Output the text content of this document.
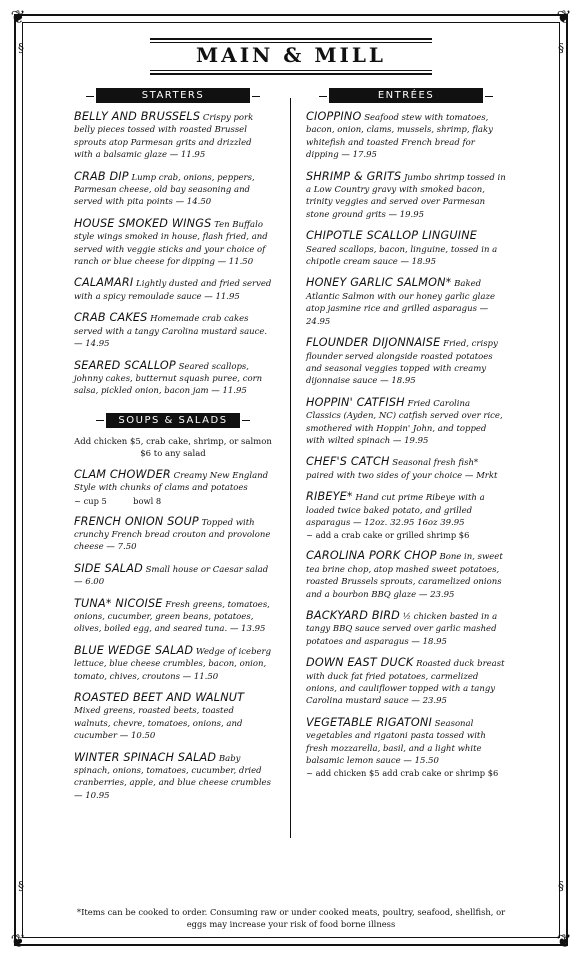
❦	❦
❦	❦
§	§
§	§
MAIN & MILL
STARTERS
BELLY AND BRUSSELS Crispy pork belly pieces tossed with roasted Brussel sprouts atop Parmesan grits and drizzled with a balsamic glaze — 11.95
CRAB DIP Lump crab, onions, peppers, Parmesan cheese, old bay seasoning and served with pita points — 14.50
HOUSE SMOKED WINGS Ten Buffalo style wings smoked in house, flash fried, and served with veggie sticks and your choice of ranch or blue cheese for dipping — 11.50
CALAMARI Lightly dusted and fried served with a spicy remoulade sauce — 11.95
CRAB CAKES Homemade crab cakes served with a tangy Carolina mustard sauce. — 14.95
SEARED SCALLOP Seared scallops, johnny cakes, butternut squash puree, corn salsa, pickled onion, bacon jam — 11.95
SOUPS & SALADS
Add chicken $5, crab cake, shrimp, or salmon $6 to any salad
CLAM CHOWDER Creamy New England Style with chunks of clams and potatoes
~ cup 5          bowl 8
FRENCH ONION SOUP Topped with crunchy French bread crouton and provolone cheese — 7.50
SIDE SALAD Small house or Caesar salad — 6.00
TUNA* NICOISE Fresh greens, tomatoes, onions, cucumber, green beans, potatoes, olives, boiled egg, and seared tuna. — 13.95
BLUE WEDGE SALAD Wedge of iceberg lettuce, blue cheese crumbles, bacon, onion, tomato, chives, croutons — 11.50
ROASTED BEET AND WALNUT Mixed greens, roasted beets, toasted walnuts, chevre, tomatoes, onions, and cucumber — 10.50
WINTER SPINACH SALAD Baby spinach, onions, tomatoes, cucumber, dried cranberries, apple, and blue cheese crumbles — 10.95
ENTRÉES
CIOPPINO Seafood stew with tomatoes, bacon, onion, clams, mussels, shrimp, flaky whitefish and toasted French bread for dipping — 17.95
SHRIMP & GRITS Jumbo shrimp tossed in a Low Country gravy with smoked bacon, trinity veggies and served over Parmesan stone ground grits — 19.95
CHIPOTLE SCALLOP LINGUINE Seared scallops, bacon, linguine, tossed in a chipotle cream sauce — 18.95
HONEY GARLIC SALMON* Baked Atlantic Salmon with our honey garlic glaze atop jasmine rice and grilled asparagus — 24.95
FLOUNDER DIJONNAISE Fried, crispy flounder served alongside roasted potatoes and seasonal veggies topped with creamy dijonnaise sauce — 18.95
HOPPIN' CATFISH Fried Carolina Classics (Ayden, NC) catfish served over rice, smothered with Hoppin' John, and topped with wilted spinach — 19.95
CHEF'S CATCH Seasonal fresh fish* paired with two sides of your choice — Mrkt
RIBEYE* Hand cut prime Ribeye with a loaded twice baked potato, and grilled asparagus — 12oz. 32.95 16oz 39.95
~ add a crab cake or grilled shrimp $6
CAROLINA PORK CHOP Bone in, sweet tea brine chop, atop mashed sweet potatoes, roasted Brussels sprouts, caramelized onions and a bourbon BBQ glaze — 23.95
BACKYARD BIRD ½ chicken basted in a tangy BBQ sauce served over garlic mashed potatoes and asparagus — 18.95
DOWN EAST DUCK Roasted duck breast with duck fat fried potatoes, carmelized onions, and cauliflower topped with a tangy Carolina mustard sauce — 23.95
VEGETABLE RIGATONI Seasonal vegetables and rigatoni pasta tossed with fresh mozzarella, basil, and a light white balsamic lemon sauce — 15.50
~ add chicken $5 add crab cake or shrimp $6
*Items can be cooked to order. Consuming raw or under cooked meats, poultry, seafood, shellfish, or eggs may increase your risk of food borne illness
